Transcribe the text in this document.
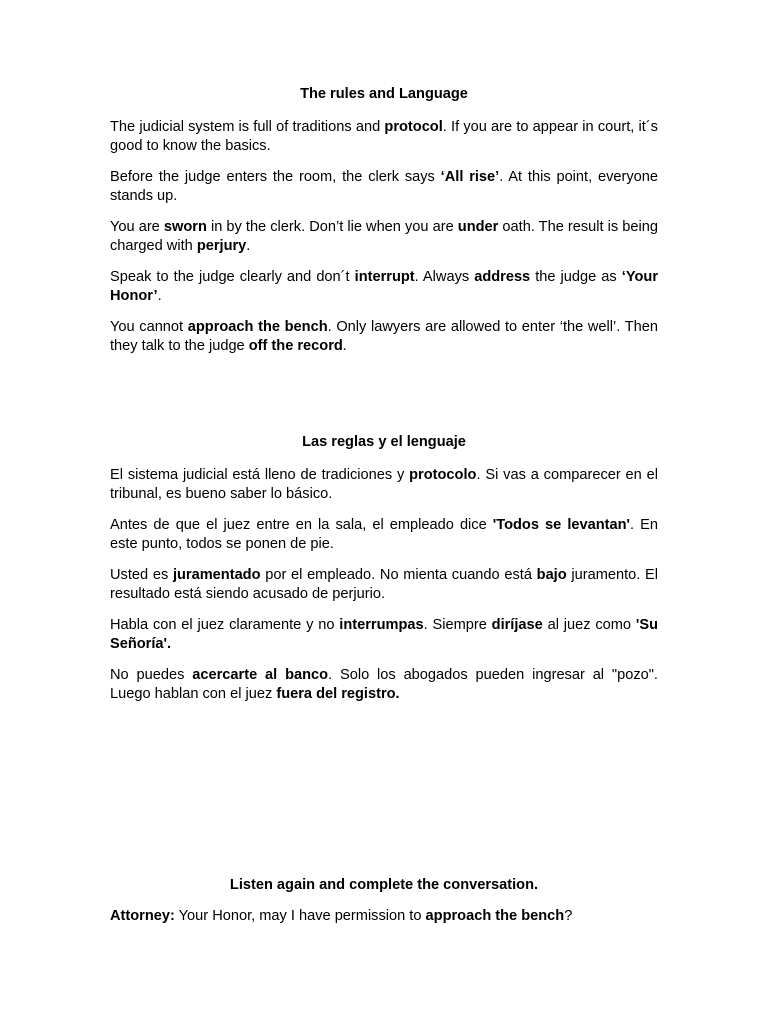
The rules and Language

The judicial system is full of traditions and protocol. If you are to appear in court, it´s good to know the basics.

Before the judge enters the room, the clerk says ‘All rise’. At this point, everyone stands up.

You are sworn in by the clerk. Don’t lie when you are under oath. The result is being charged with perjury.

Speak to the judge clearly and don´t interrupt. Always address the judge as ‘Your Honor’.

You cannot approach the bench. Only lawyers are allowed to enter ‘the well’. Then they talk to the judge off the record.

Las reglas y el lenguaje

El sistema judicial está lleno de tradiciones y protocolo. Si vas a comparecer en el tribunal, es bueno saber lo básico.

Antes de que el juez entre en la sala, el empleado dice 'Todos se levantan'. En este punto, todos se ponen de pie.

Usted es juramentado por el empleado. No mienta cuando está bajo juramento. El resultado está siendo acusado de perjurio.

Habla con el juez claramente y no interrumpas. Siempre diríjase al juez como 'Su Señoría'.

No puedes acercarte al banco. Solo los abogados pueden ingresar al "pozo". Luego hablan con el juez fuera del registro.

Listen again and complete the conversation.

Attorney: Your Honor, may I have permission to approach the bench?
